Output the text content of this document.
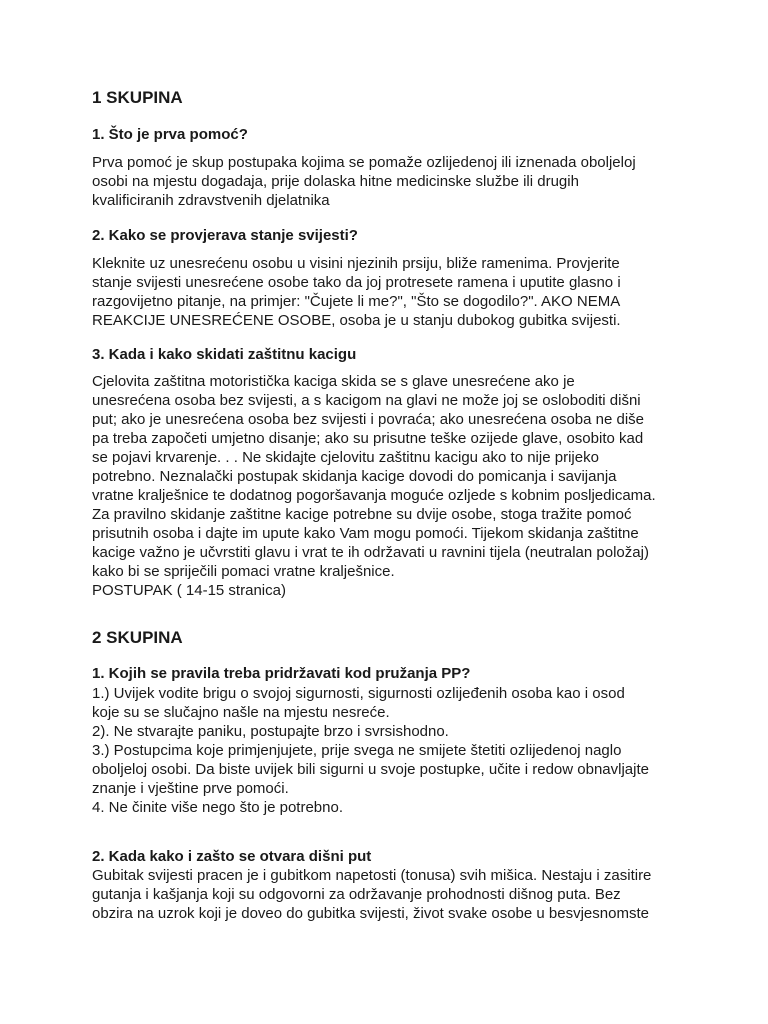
1 SKUPINA
1. Što je prva pomoć?
Prva pomoć je skup postupaka kojima se pomaže ozlijedenoj ili iznenada oboljeloj
osobi na mjestu dogadaja, prije dolaska hitne medicinske službe ili drugih
kvalificiranih zdravstvenih djelatnika
2. Kako se provjerava stanje svijesti?
Kleknite uz unesrećenu osobu u visini njezinih prsiju, bliže ramenima. Provjerite
stanje svijesti unesrećene osobe tako da joj protresete ramena i uputite glasno i
razgovijetno pitanje, na primjer: "Čujete li me?", "Što se dogodilo?". AKO NEMA
REAKCIJE UNESREĆENE OSOBE, osoba je u stanju dubokog gubitka svijesti.
3. Kada i kako skidati zaštitnu kacigu
Cjelovita zaštitna motoristička kaciga skida se s glave unesrećene ako je
unesrećena osoba bez svijesti, a s kacigom na glavi ne može joj se osloboditi dišni
put; ako je unesrećena osoba bez svijesti i povraća; ako unesrećena osoba ne diše
pa treba započeti umjetno disanje; ako su prisutne teške ozijede glave, osobito kad
se pojavi krvarenje. . . Ne skidajte cjelovitu zaštitnu kacigu ako to nije prijeko
potrebno. Neznalački postupak skidanja kacige dovodi do pomicanja i savijanja
vratne kralješnice te dodatnog pogoršavanja moguće ozljede s kobnim posljedicama.
Za pravilno skidanje zaštitne kacige potrebne su dvije osobe, stoga tražite pomoć
prisutnih osoba i dajte im upute kako Vam mogu pomoći. Tijekom skidanja zaštitne
kacige važno je učvrstiti glavu i vrat te ih održavati u ravnini tijela (neutralan položaj)
kako bi se spriječili pomaci vratne kralješnice.
POSTUPAK ( 14-15 stranica)
2 SKUPINA
1. Kojih se pravila treba pridržavati kod pružanja PP?
1.) Uvijek vodite brigu o svojoj sigurnosti, sigurnosti ozlijeđenih osoba kao i osod
koje su se slučajno našle na mjestu nesreće.
2). Ne stvarajte paniku, postupajte brzo i svrsishodno.
3.) Postupcima koje primjenjujete, prije svega ne smijete štetiti ozlijedenoj naglo
oboljeloj osobi. Da biste uvijek bili sigurni u svoje postupke, učite i redow obnavljajte
znanje i vještine prve pomoći.
4. Ne činite više nego što je potrebno.
2. Kada kako i zašto se otvara dišni put
Gubitak svijesti pracen je i gubitkom napetosti (tonusa) svih mišica. Nestaju i zasitire
gutanja i kašjanja koji su odgovorni za održavanje prohodnosti dišnog puta. Bez
obzira na uzrok koji je doveo do gubitka svijesti, život svake osobe u besvjesnomste
